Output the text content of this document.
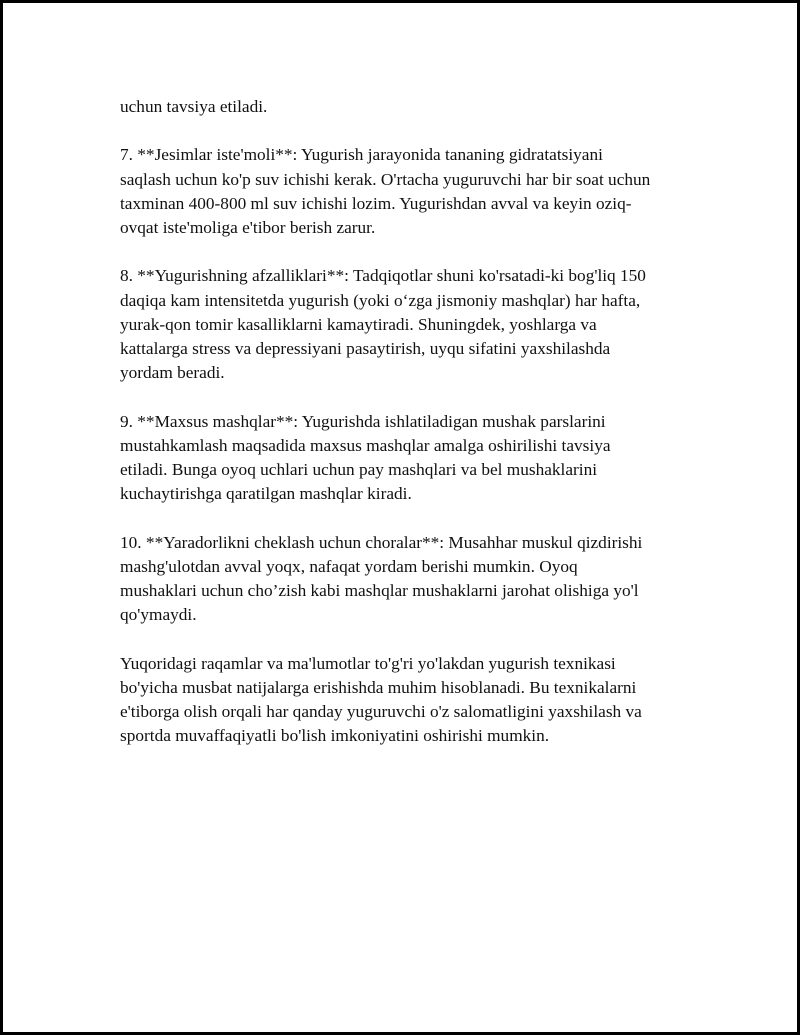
uchun tavsiya etiladi.

7. **Jesimlar iste'moli**: Yugurish jarayonida tananing gidratatsiyani
saqlash uchun ko'p suv ichishi kerak. O'rtacha yuguruvchi har bir soat uchun
taxminan 400-800 ml suv ichishi lozim. Yugurishdan avval va keyin oziq-
ovqat iste'moliga e'tibor berish zarur.

8. **Yugurishning afzalliklari**: Tadqiqotlar shuni ko'rsatadi-ki bog'liq 150
daqiqa kam intensitetda yugurish (yoki o‘zga jismoniy mashqlar) har hafta,
yurak-qon tomir kasalliklarni kamaytiradi. Shuningdek, yoshlarga va
kattalarga stress va depressiyani pasaytirish, uyqu sifatini yaxshilashda
yordam beradi.

9. **Maxsus mashqlar**: Yugurishda ishlatiladigan mushak parslarini
mustahkamlash maqsadida maxsus mashqlar amalga oshirilishi tavsiya
etiladi. Bunga oyoq uchlari uchun pay mashqlari va bel mushaklarini
kuchaytirishga qaratilgan mashqlar kiradi.

10. **Yaradorlikni cheklash uchun choralar**: Musahhar muskul qizdirishi
mashg'ulotdan avval yoqx, nafaqat yordam berishi mumkin. Oyoq
mushaklari uchun cho’zish kabi mashqlar mushaklarni jarohat olishiga yo'l
qo'ymaydi.

Yuqoridagi raqamlar va ma'lumotlar to'g'ri yo'lakdan yugurish texnikasi
bo'yicha musbat natijalarga erishishda muhim hisoblanadi. Bu texnikalarni
e'tiborga olish orqali har qanday yuguruvchi o'z salomatligini yaxshilash va
sportda muvaffaqiyatli bo'lish imkoniyatini oshirishi mumkin.
